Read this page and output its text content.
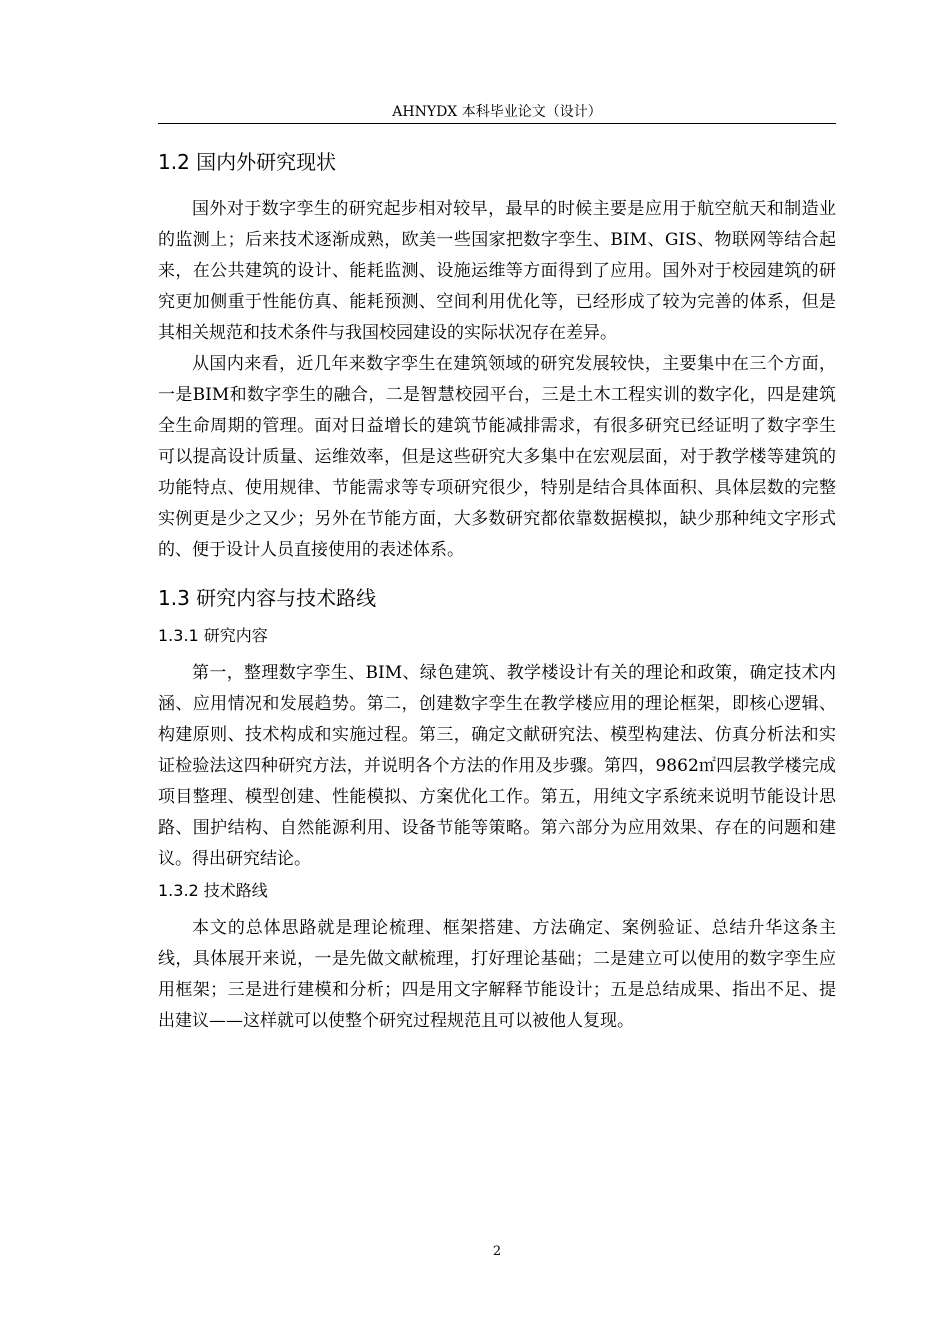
AHNYDX 本科毕业论文（设计）
1.2 国内外研究现状

国外对于数字孪生的研究起步相对较早，最早的时候主要是应用于航空航天和制造业的监测上；后来技术逐渐成熟，欧美一些国家把数字孪生、BIM、GIS、物联网等结合起来，在公共建筑的设计、能耗监测、设施运维等方面得到了应用。国外对于校园建筑的研究更加侧重于性能仿真、能耗预测、空间利用优化等，已经形成了较为完善的体系，但是其相关规范和技术条件与我国校园建设的实际状况存在差异。

从国内来看，近几年来数字孪生在建筑领域的研究发展较快，主要集中在三个方面，一是BIM和数字孪生的融合，二是智慧校园平台，三是土木工程实训的数字化，四是建筑全生命周期的管理。面对日益增长的建筑节能减排需求，有很多研究已经证明了数字孪生可以提高设计质量、运维效率，但是这些研究大多集中在宏观层面，对于教学楼等建筑的功能特点、使用规律、节能需求等专项研究很少，特别是结合具体面积、具体层数的完整实例更是少之又少；另外在节能方面，大多数研究都依靠数据模拟，缺少那种纯文字形式的、便于设计人员直接使用的表述体系。

1.3 研究内容与技术路线
1.3.1 研究内容

第一，整理数字孪生、BIM、绿色建筑、教学楼设计有关的理论和政策，确定技术内涵、应用情况和发展趋势。第二，创建数字孪生在教学楼应用的理论框架，即核心逻辑、构建原则、技术构成和实施过程。第三，确定文献研究法、模型构建法、仿真分析法和实证检验法这四种研究方法，并说明各个方法的作用及步骤。第四，9862㎡四层教学楼完成项目整理、模型创建、性能模拟、方案优化工作。第五，用纯文字系统来说明节能设计思路、围护结构、自然能源利用、设备节能等策略。第六部分为应用效果、存在的问题和建议。得出研究结论。

1.3.2 技术路线

本文的总体思路就是理论梳理、框架搭建、方法确定、案例验证、总结升华这条主线，具体展开来说，一是先做文献梳理，打好理论基础；二是建立可以使用的数字孪生应用框架；三是进行建模和分析；四是用文字解释节能设计；五是总结成果、指出不足、提出建议——这样就可以使整个研究过程规范且可以被他人复现。

2
